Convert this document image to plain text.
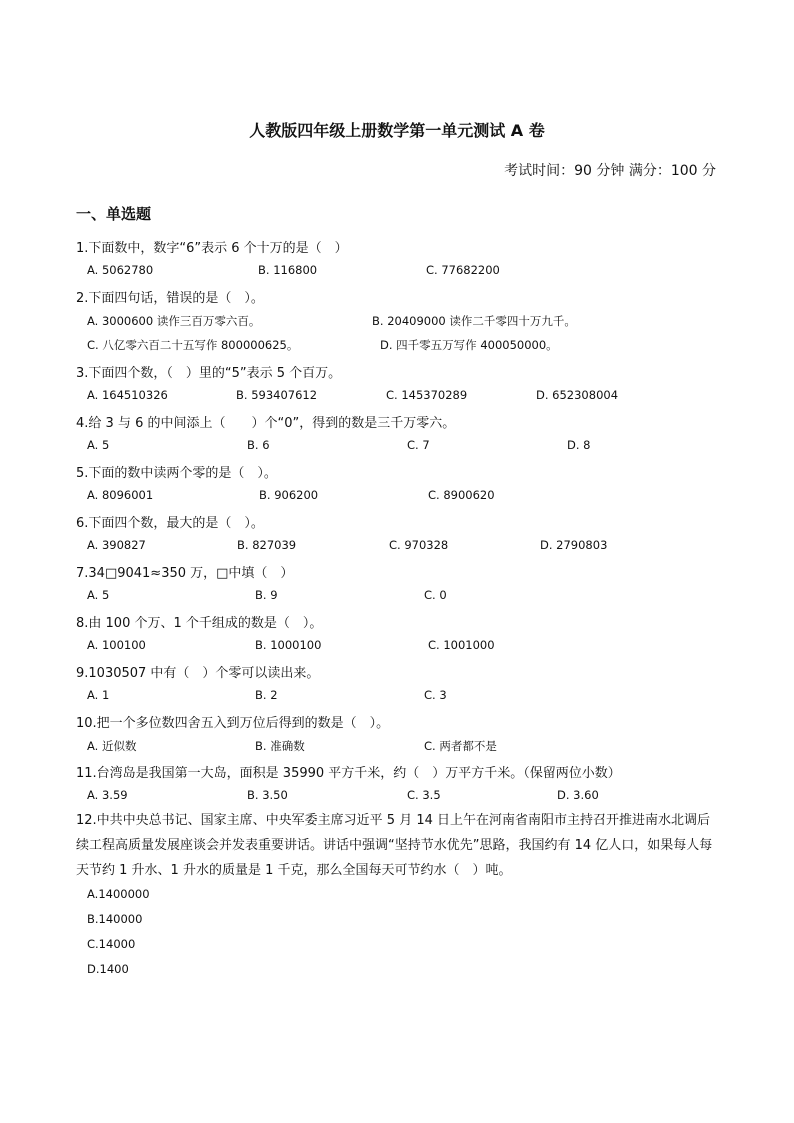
人教版四年级上册数学第一单元测试 A 卷
考试时间：90 分钟 满分：100 分
一、单选题
1.下面数中，数字“6”表示 6 个十万的是（　）
A. 5062780	B. 116800	C. 77682200
2.下面四句话，错误的是（　）。
A. 3000600 读作三百万零六百。	B. 20409000 读作二千零四十万九千。
C. 八亿零六百二十五写作 800000625。	D. 四千零五万写作 400050000。
3.下面四个数，（　）里的“5”表示 5 个百万。
A. 164510326	B. 593407612	C. 145370289	D. 652308004
4.给 3 与 6 的中间添上（　　）个“0”，得到的数是三千万零六。
A. 5	B. 6	C. 7	D. 8
5.下面的数中读两个零的是（　）。
A. 8096001	B. 906200	C. 8900620
6.下面四个数，最大的是（　）。
A. 390827	B. 827039	C. 970328	D. 2790803
7.34□9041≈350 万，□中填（　）
A. 5	B. 9	C. 0
8.由 100 个万、1 个千组成的数是（　）。
A. 100100	B. 1000100	C. 1001000
9.1030507 中有（　）个零可以读出来。
A. 1	B. 2	C. 3
10.把一个多位数四舍五入到万位后得到的数是（　）。
A. 近似数	B. 准确数	C. 两者都不是
11.台湾岛是我国第一大岛，面积是 35990 平方千米，约（　）万平方千米。（保留两位小数）
A. 3.59	B. 3.50	C. 3.5	D. 3.60
12.中共中央总书记、国家主席、中央军委主席习近平 5 月 14 日上午在河南省南阳市主持召开推进南水北调后续工程高质量发展座谈会并发表重要讲话。讲话中强调“坚持节水优先”思路，我国约有 14 亿人口，如果每人每天节约 1 升水、1 升水的质量是 1 千克，那么全国每天可节约水（　）吨。
A.1400000
B.140000
C.14000
D.1400
